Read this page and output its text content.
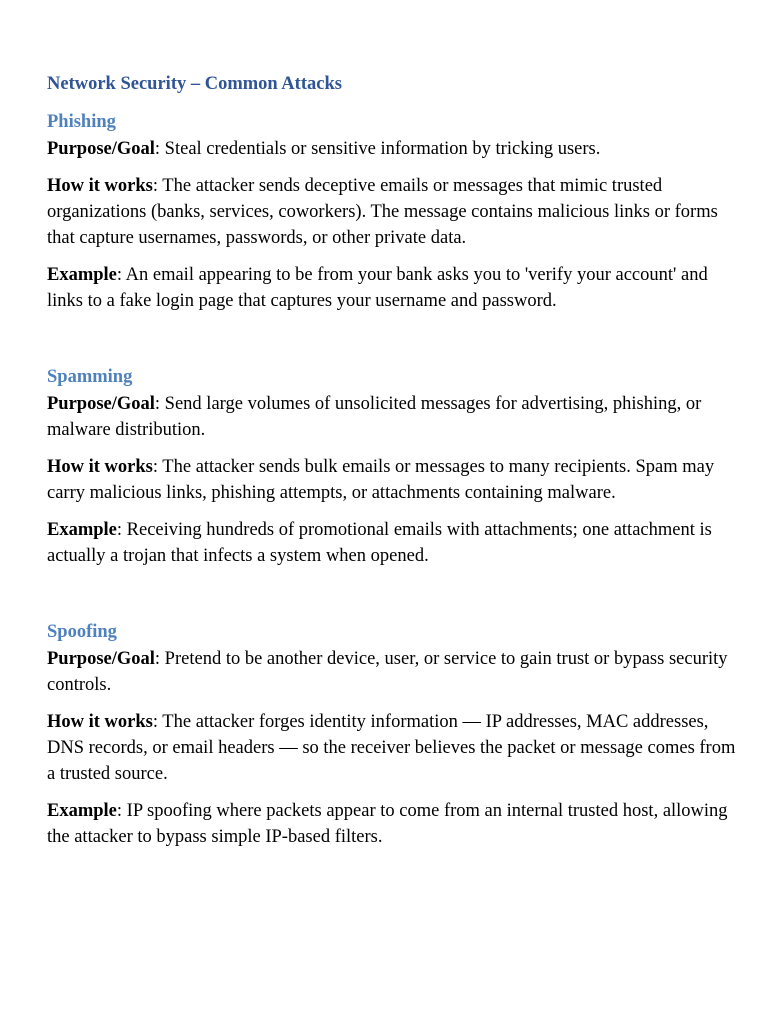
Network Security – Common Attacks
Phishing

Purpose/Goal: Steal credentials or sensitive information by tricking users.

How it works: The attacker sends deceptive emails or messages that mimic trusted organizations (banks, services, coworkers). The message contains malicious links or forms that capture usernames, passwords, or other private data.

Example: An email appearing to be from your bank asks you to 'verify your account' and links to a fake login page that captures your username and password.

Spamming

Purpose/Goal: Send large volumes of unsolicited messages for advertising, phishing, or malware distribution.

How it works: The attacker sends bulk emails or messages to many recipients. Spam may carry malicious links, phishing attempts, or attachments containing malware.

Example: Receiving hundreds of promotional emails with attachments; one attachment is actually a trojan that infects a system when opened.

Spoofing

Purpose/Goal: Pretend to be another device, user, or service to gain trust or bypass security controls.

How it works: The attacker forges identity information — IP addresses, MAC addresses, DNS records, or email headers — so the receiver believes the packet or message comes from a trusted source.

Example: IP spoofing where packets appear to come from an internal trusted host, allowing the attacker to bypass simple IP-based filters.
